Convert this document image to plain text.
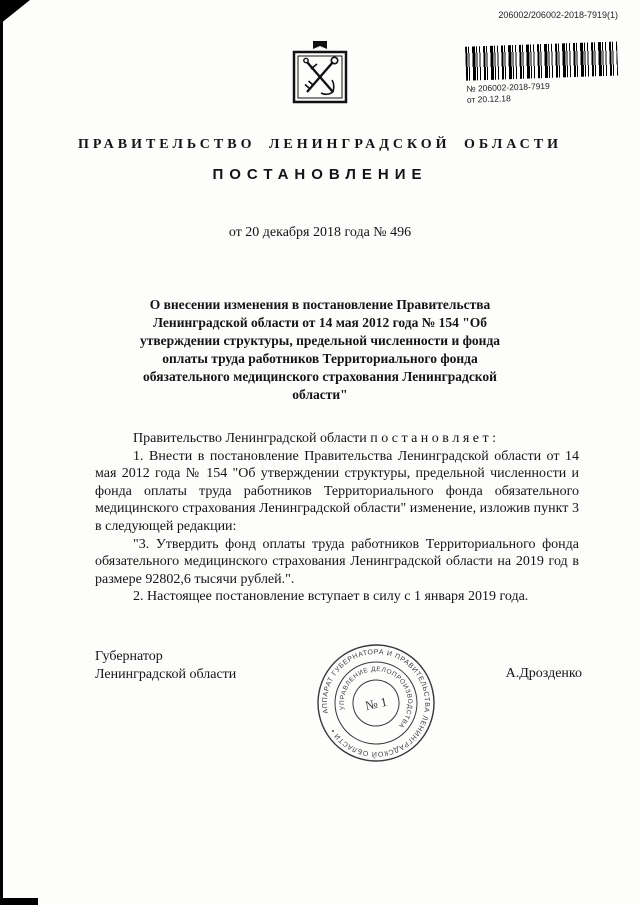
206002/206002-2018-7919(1)
№ 206002-2018-7919
от 20.12.18
ПРАВИТЕЛЬСТВО ЛЕНИНГРАДСКОЙ ОБЛАСТИ
ПОСТАНОВЛЕНИЕ
от 20 декабря 2018 года № 496
О внесении изменения в постановление Правительства Ленинградской области от 14 мая 2012 года № 154 "Об утверждении структуры, предельной численности и фонда оплаты труда работников Территориального фонда обязательного медицинского страхования Ленинградской области"

Правительство Ленинградской области п о с т а н о в л я е т :

1. Внести в постановление Правительства Ленинградской области от 14 мая 2012 года № 154 "Об утверждении структуры, предельной численности и фонда оплаты труда работников Территориального фонда обязательного медицинского страхования Ленинградской области" изменение, изложив пункт 3 в следующей редакции:

"3. Утвердить фонд оплаты труда работников Территориального фонда обязательного медицинского страхования Ленинградской области на 2019 год в размере 92802,6 тысячи рублей.".

2. Настоящее постановление вступает в силу с 1 января 2019 года.

Губернатор
Ленинградской области	А.Дрозденко
АППАРАТ ГУБЕРНАТОРА И ПРАВИТЕЛЬСТВА ЛЕНИНГРАДСКОЙ ОБЛАСТИ •
УПРАВЛЕНИЕ ДЕЛОПРОИЗВОДСТВА
№ 1
